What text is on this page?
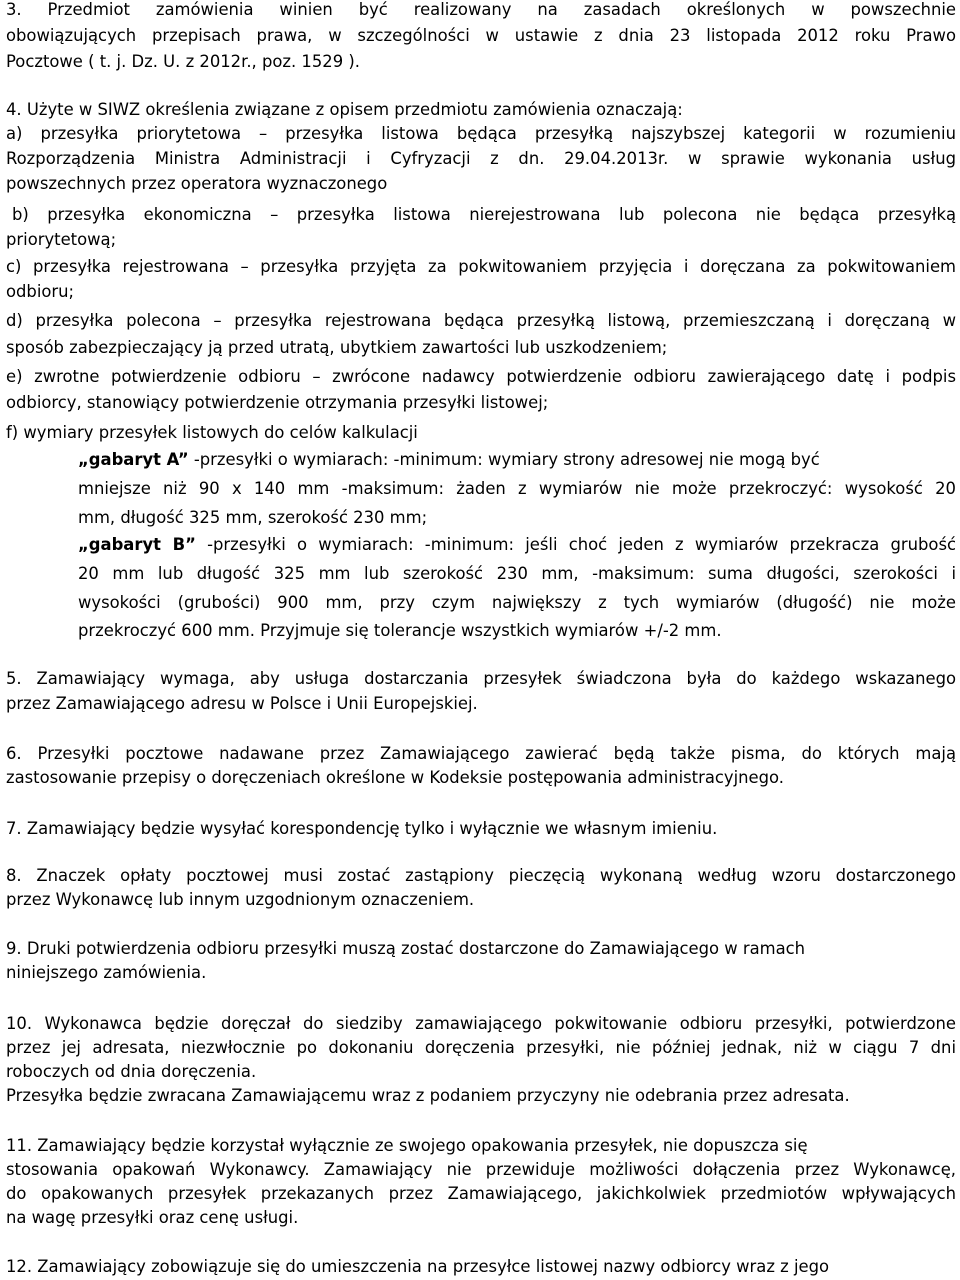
3. Przedmiot zamówienia winien być realizowany na zasadach określonych w powszechnie
obowiązujących przepisach prawa, w szczególności w ustawie z dnia 23 listopada 2012 roku Prawo
Pocztowe ( t. j. Dz. U. z 2012r., poz. 1529 ).
4. Użyte w SIWZ określenia związane z opisem przedmiotu zamówienia oznaczają:
a) przesyłka priorytetowa – przesyłka listowa będąca przesyłką najszybszej kategorii w rozumieniu
Rozporządzenia Ministra Administracji i Cyfryzacji z dn. 29.04.2013r. w sprawie wykonania usług
powszechnych przez operatora wyznaczonego
b) przesyłka ekonomiczna – przesyłka listowa nierejestrowana lub polecona nie będąca przesyłką
priorytetową;
c) przesyłka rejestrowana – przesyłka przyjęta za pokwitowaniem przyjęcia i doręczana za pokwitowaniem
odbioru;
d) przesyłka polecona – przesyłka rejestrowana będąca przesyłką listową, przemieszczaną i doręczaną w
sposób zabezpieczający ją przed utratą, ubytkiem zawartości lub uszkodzeniem;
e) zwrotne potwierdzenie odbioru – zwrócone nadawcy potwierdzenie odbioru zawierającego datę i podpis
odbiorcy, stanowiący potwierdzenie otrzymania przesyłki listowej;
f) wymiary przesyłek listowych do celów kalkulacji
„gabaryt A” -przesyłki o wymiarach: -minimum: wymiary strony adresowej nie mogą być
mniejsze niż 90 x 140 mm -maksimum: żaden z wymiarów nie może przekroczyć: wysokość 20
mm, długość 325 mm, szerokość 230 mm;
„gabaryt B” -przesyłki o wymiarach: -minimum: jeśli choć jeden z wymiarów przekracza grubość
20 mm lub długość 325 mm lub szerokość 230 mm, -maksimum: suma długości, szerokości i
wysokości (grubości) 900 mm, przy czym największy z tych wymiarów (długość) nie może
przekroczyć 600 mm. Przyjmuje się tolerancje wszystkich wymiarów +/-2 mm.
5. Zamawiający wymaga, aby usługa dostarczania przesyłek świadczona była do każdego wskazanego
przez Zamawiającego adresu w Polsce i Unii Europejskiej.
6. Przesyłki pocztowe nadawane przez Zamawiającego zawierać będą także pisma, do których mają
zastosowanie przepisy o doręczeniach określone w Kodeksie postępowania administracyjnego.
7. Zamawiający będzie wysyłać korespondencję tylko i wyłącznie we własnym imieniu.
8. Znaczek opłaty pocztowej musi zostać zastąpiony pieczęcią wykonaną według wzoru dostarczonego
przez Wykonawcę lub innym uzgodnionym oznaczeniem.
9. Druki potwierdzenia odbioru przesyłki muszą zostać dostarczone do Zamawiającego w ramach
niniejszego zamówienia.
10. Wykonawca będzie doręczał do siedziby zamawiającego pokwitowanie odbioru przesyłki, potwierdzone
przez jej adresata, niezwłocznie po dokonaniu doręczenia przesyłki, nie później jednak, niż w ciągu 7 dni
roboczych od dnia doręczenia.
Przesyłka będzie zwracana Zamawiającemu wraz z podaniem przyczyny nie odebrania przez adresata.
11. Zamawiający będzie korzystał wyłącznie ze swojego opakowania przesyłek, nie dopuszcza się
stosowania opakowań Wykonawcy. Zamawiający nie przewiduje możliwości dołączenia przez Wykonawcę,
do opakowanych przesyłek przekazanych przez Zamawiającego, jakichkolwiek przedmiotów wpływających
na wagę przesyłki oraz cenę usługi.
12. Zamawiający zobowiązuje się do umieszczenia na przesyłce listowej nazwy odbiorcy wraz z jego
